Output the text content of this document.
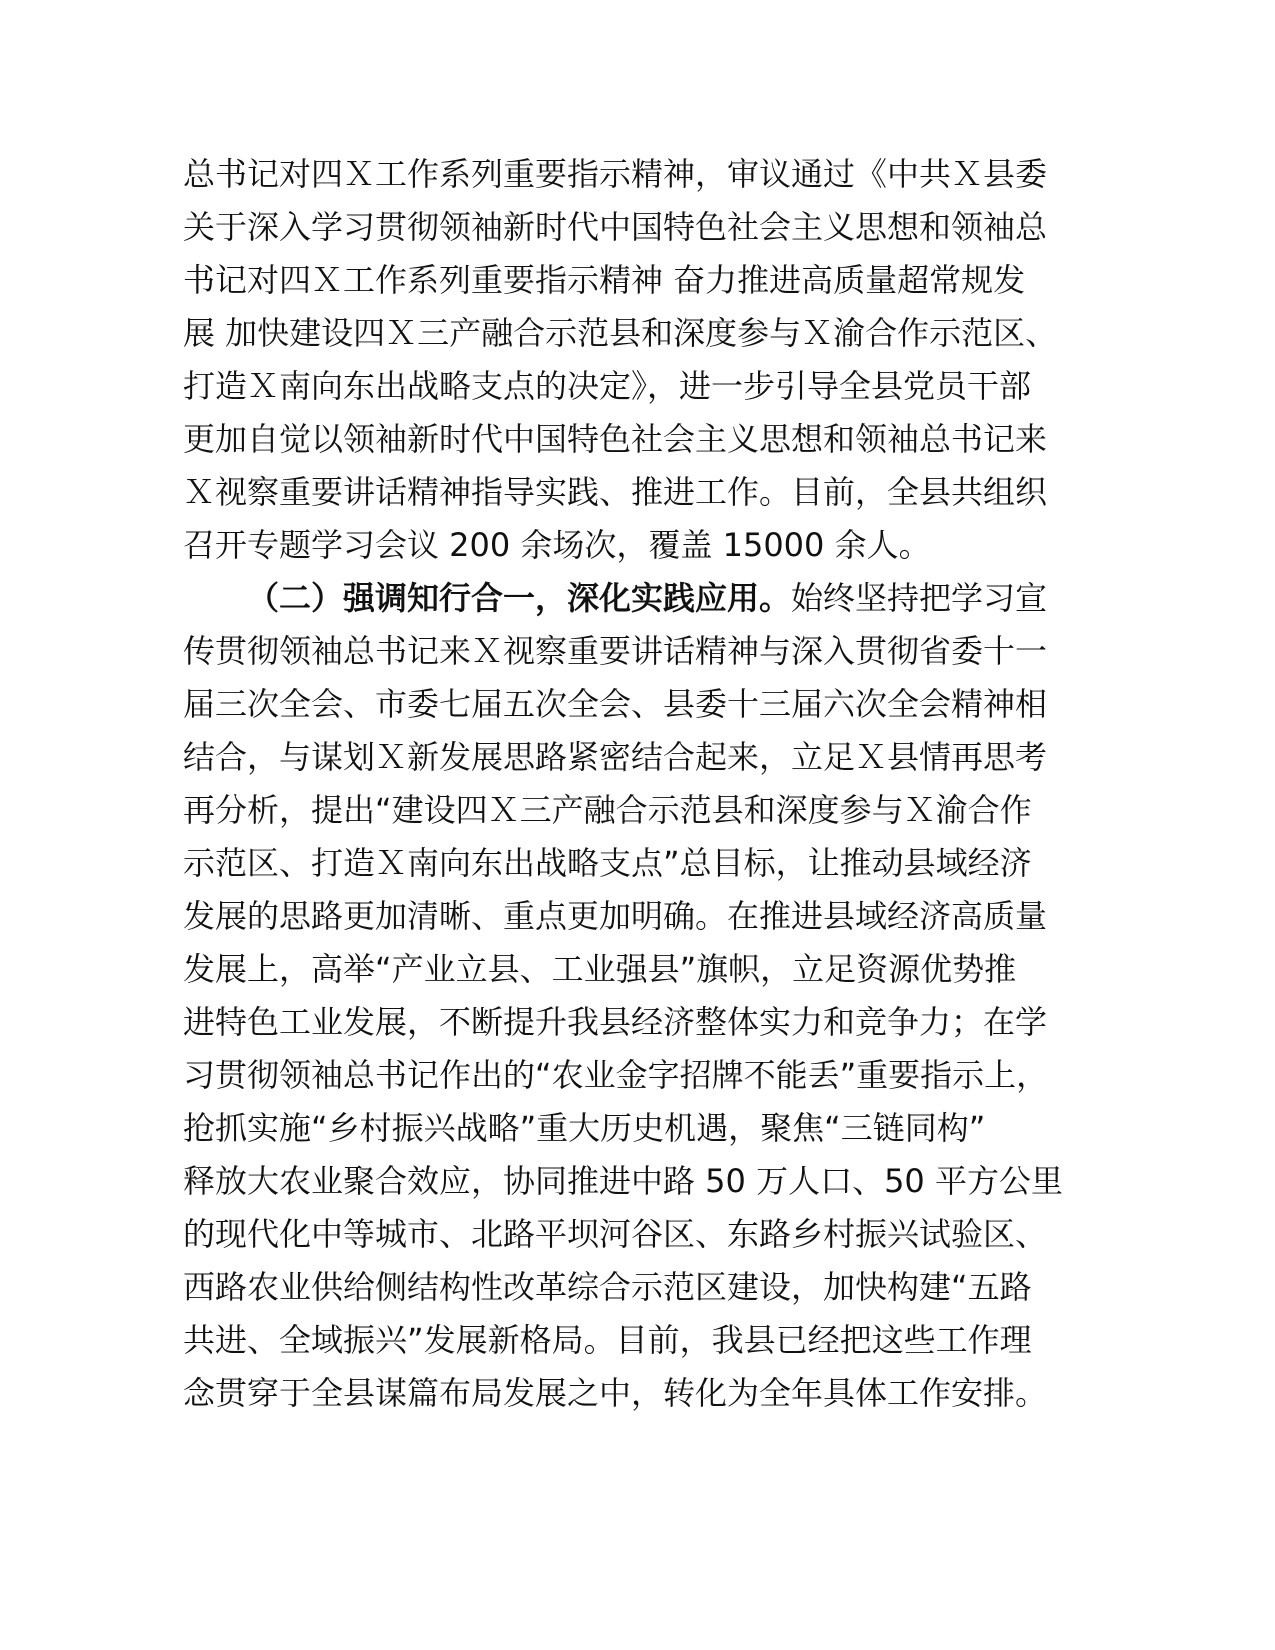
总书记对四Ｘ工作系列重要指示精神，审议通过《中共Ｘ县委
关于深入学习贯彻领袖新时代中国特色社会主义思想和领袖总
书记对四Ｘ工作系列重要指示精神 奋力推进高质量超常规发
展 加快建设四Ｘ三产融合示范县和深度参与Ｘ渝合作示范区、
打造Ｘ南向东出战略支点的决定》，进一步引导全县党员干部
更加自觉以领袖新时代中国特色社会主义思想和领袖总书记来
Ｘ视察重要讲话精神指导实践、推进工作。目前，全县共组织
召开专题学习会议 200 余场次，覆盖 15000 余人。
（二）强调知行合一，深化实践应用。始终坚持把学习宣
传贯彻领袖总书记来Ｘ视察重要讲话精神与深入贯彻省委十一
届三次全会、市委七届五次全会、县委十三届六次全会精神相
结合，与谋划Ｘ新发展思路紧密结合起来，立足Ｘ县情再思考
再分析，提出“建设四Ｘ三产融合示范县和深度参与Ｘ渝合作
示范区、打造Ｘ南向东出战略支点”总目标，让推动县域经济
发展的思路更加清晰、重点更加明确。在推进县域经济高质量
发展上，高举“产业立县、工业强县”旗帜，立足资源优势推
进特色工业发展，不断提升我县经济整体实力和竞争力；在学
习贯彻领袖总书记作出的“农业金字招牌不能丢”重要指示上，
抢抓实施“乡村振兴战略”重大历史机遇，聚焦“三链同构”
释放大农业聚合效应，协同推进中路 50 万人口、50 平方公里
的现代化中等城市、北路平坝河谷区、东路乡村振兴试验区、
西路农业供给侧结构性改革综合示范区建设，加快构建“五路
共进、全域振兴”发展新格局。目前，我县已经把这些工作理
念贯穿于全县谋篇布局发展之中，转化为全年具体工作安排。
